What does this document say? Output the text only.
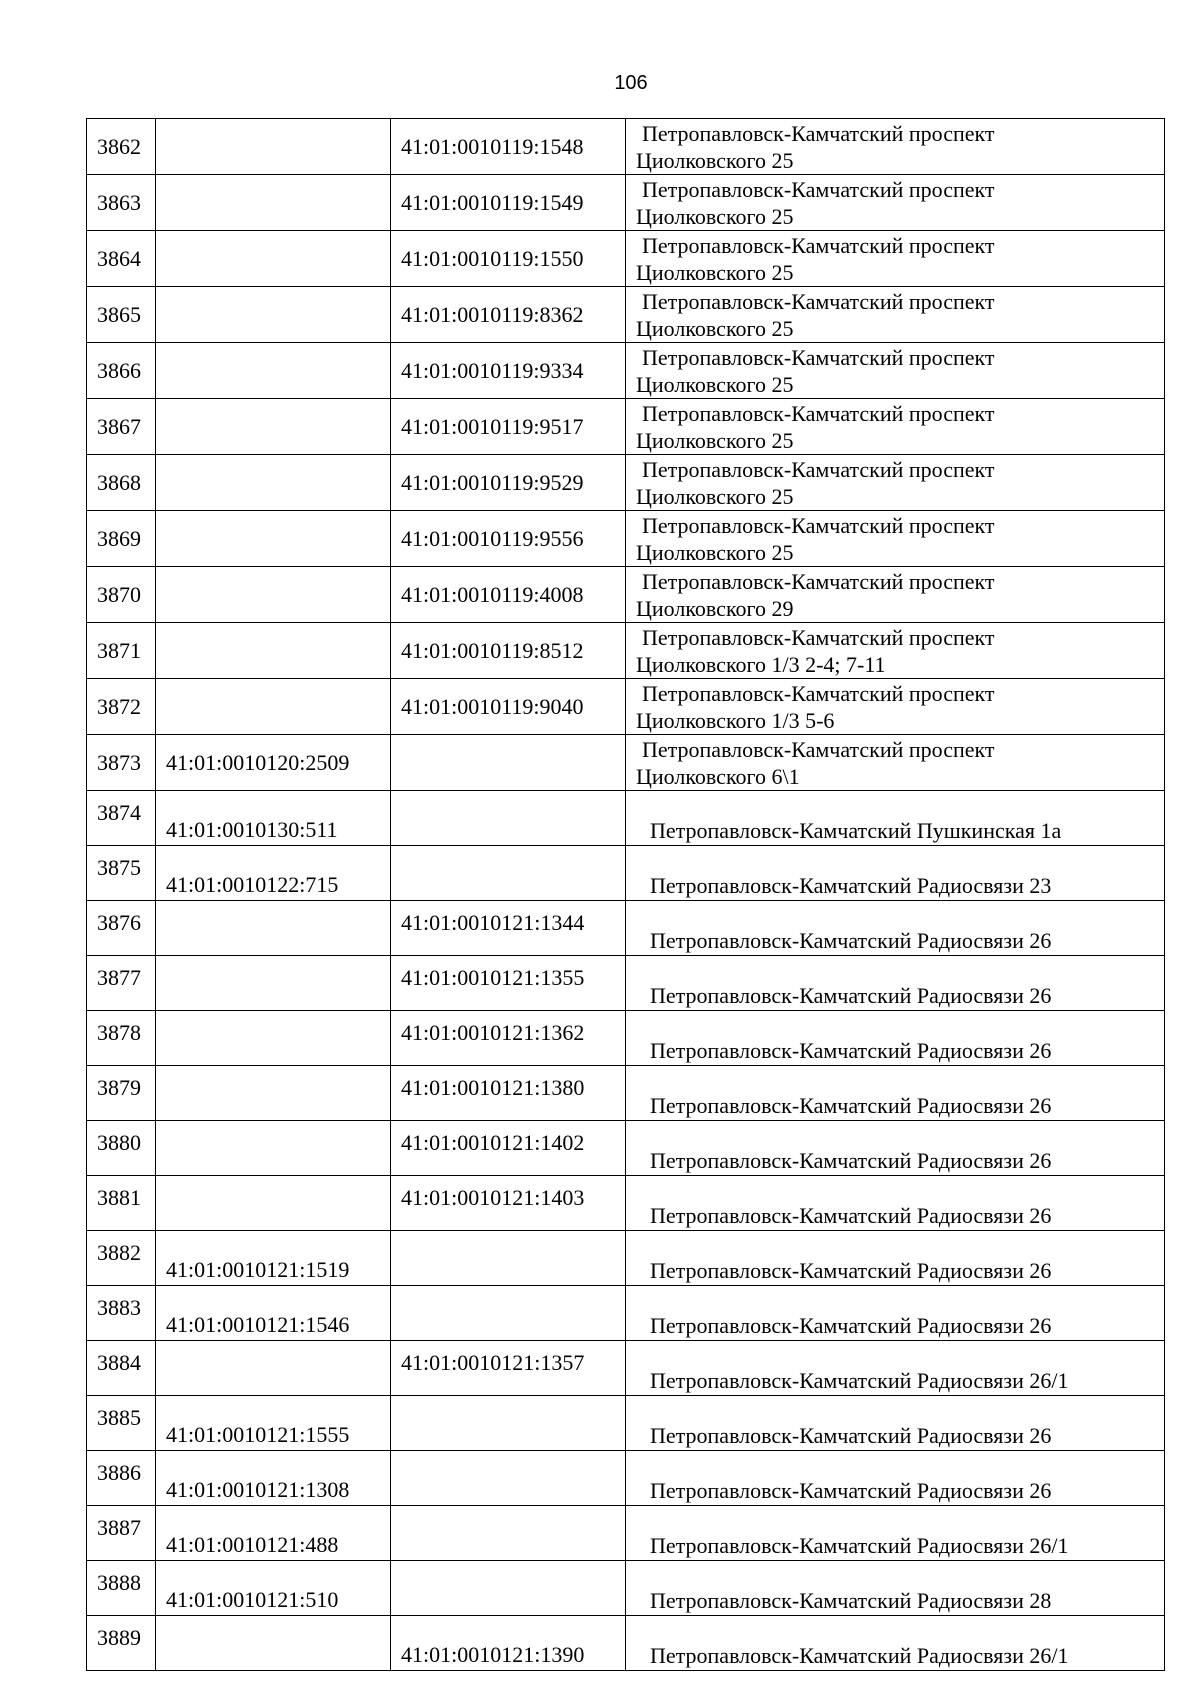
106
3862		41:01:0010119:1548	Петропавловск-Камчатский проспект
Циолковского 25

3863		41:01:0010119:1549	Петропавловск-Камчатский проспект
Циолковского 25

3864		41:01:0010119:1550	Петропавловск-Камчатский проспект
Циолковского 25

3865		41:01:0010119:8362	Петропавловск-Камчатский проспект
Циолковского 25

3866		41:01:0010119:9334	Петропавловск-Камчатский проспект
Циолковского 25

3867		41:01:0010119:9517	Петропавловск-Камчатский проспект
Циолковского 25

3868		41:01:0010119:9529	Петропавловск-Камчатский проспект
Циолковского 25

3869		41:01:0010119:9556	Петропавловск-Камчатский проспект
Циолковского 25

3870		41:01:0010119:4008	Петропавловск-Камчатский проспект
Циолковского 29

3871		41:01:0010119:8512	Петропавловск-Камчатский проспект
Циолковского 1/3 2-4; 7-11

3872		41:01:0010119:9040	Петропавловск-Камчатский проспект
Циолковского 1/3 5-6

3873	41:01:0010120:2509		Петропавловск-Камчатский проспект
Циолковского 6\1

3874	41:01:0010130:511		Петропавловск-Камчатский Пушкинская 1а

3875	41:01:0010122:715		Петропавловск-Камчатский Радиосвязи 23

3876		41:01:0010121:1344	Петропавловск-Камчатский Радиосвязи 26

3877		41:01:0010121:1355	Петропавловск-Камчатский Радиосвязи 26

3878		41:01:0010121:1362	Петропавловск-Камчатский Радиосвязи 26

3879		41:01:0010121:1380	Петропавловск-Камчатский Радиосвязи 26

3880		41:01:0010121:1402	Петропавловск-Камчатский Радиосвязи 26

3881		41:01:0010121:1403	Петропавловск-Камчатский Радиосвязи 26

3882	41:01:0010121:1519		Петропавловск-Камчатский Радиосвязи 26

3883	41:01:0010121:1546		Петропавловск-Камчатский Радиосвязи 26

3884		41:01:0010121:1357	Петропавловск-Камчатский Радиосвязи 26/1

3885	41:01:0010121:1555		Петропавловск-Камчатский Радиосвязи 26

3886	41:01:0010121:1308		Петропавловск-Камчатский Радиосвязи 26

3887	41:01:0010121:488		Петропавловск-Камчатский Радиосвязи 26/1

3888	41:01:0010121:510		Петропавловск-Камчатский Радиосвязи 28

3889		41:01:0010121:1390	Петропавловск-Камчатский Радиосвязи 26/1
